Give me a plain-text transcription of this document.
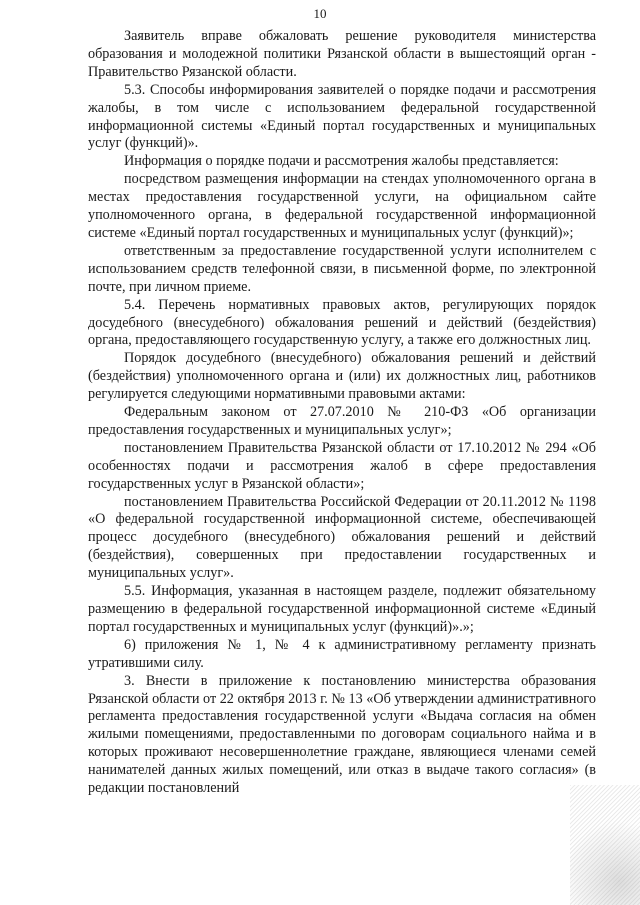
10

Заявитель вправе обжаловать решение руководителя министерства образования и молодежной политики Рязанской области в вышестоящий орган - Правительство Рязанской области.

5.3. Способы информирования заявителей о порядке подачи и рассмотрения жалобы, в том числе с использованием федеральной государственной информационной системы «Единый портал государственных и муниципальных услуг (функций)».

Информация о порядке подачи и рассмотрения жалобы представляется:

посредством размещения информации на стендах уполномоченного органа в местах предоставления государственной услуги, на официальном сайте уполномоченного органа, в федеральной государственной информационной системе «Единый портал государственных и муниципальных услуг (функций)»;

ответственным за предоставление государственной услуги исполнителем с использованием средств телефонной связи, в письменной форме, по электронной почте, при личном приеме.

5.4. Перечень нормативных правовых актов, регулирующих порядок досудебного (внесудебного) обжалования решений и действий (бездействия) органа, предоставляющего государственную услугу, а также его должностных лиц.

Порядок досудебного (внесудебного) обжалования решений и действий (бездействия) уполномоченного органа и (или) их должностных лиц, работников регулируется следующими нормативными правовыми актами:

Федеральным законом от 27.07.2010 № 210-ФЗ «Об организации предоставления государственных и муниципальных услуг»;

постановлением Правительства Рязанской области от 17.10.2012 № 294 «Об особенностях подачи и рассмотрения жалоб в сфере предоставления государственных услуг в Рязанской области»;

постановлением Правительства Российской Федерации от 20.11.2012 № 1198 «О федеральной государственной информационной системе, обеспечивающей процесс досудебного (внесудебного) обжалования решений и действий (бездействия), совершенных при предоставлении государственных и муниципальных услуг».

5.5. Информация, указанная в настоящем разделе, подлежит обязательному размещению в федеральной государственной информационной системе «Единый портал государственных и муниципальных услуг (функций)».»;

6) приложения № 1, № 4 к административному регламенту признать утратившими силу.

3. Внести в приложение к постановлению министерства образования Рязанской области от 22 октября 2013 г. № 13 «Об утверждении административного регламента предоставления государственной услуги «Выдача согласия на обмен жилыми помещениями, предоставленными по договорам социального найма и в которых проживают несовершеннолетние граждане, являющиеся членами семей нанимателей данных жилых помещений, или отказ в выдаче такого согласия» (в редакции постановлений
